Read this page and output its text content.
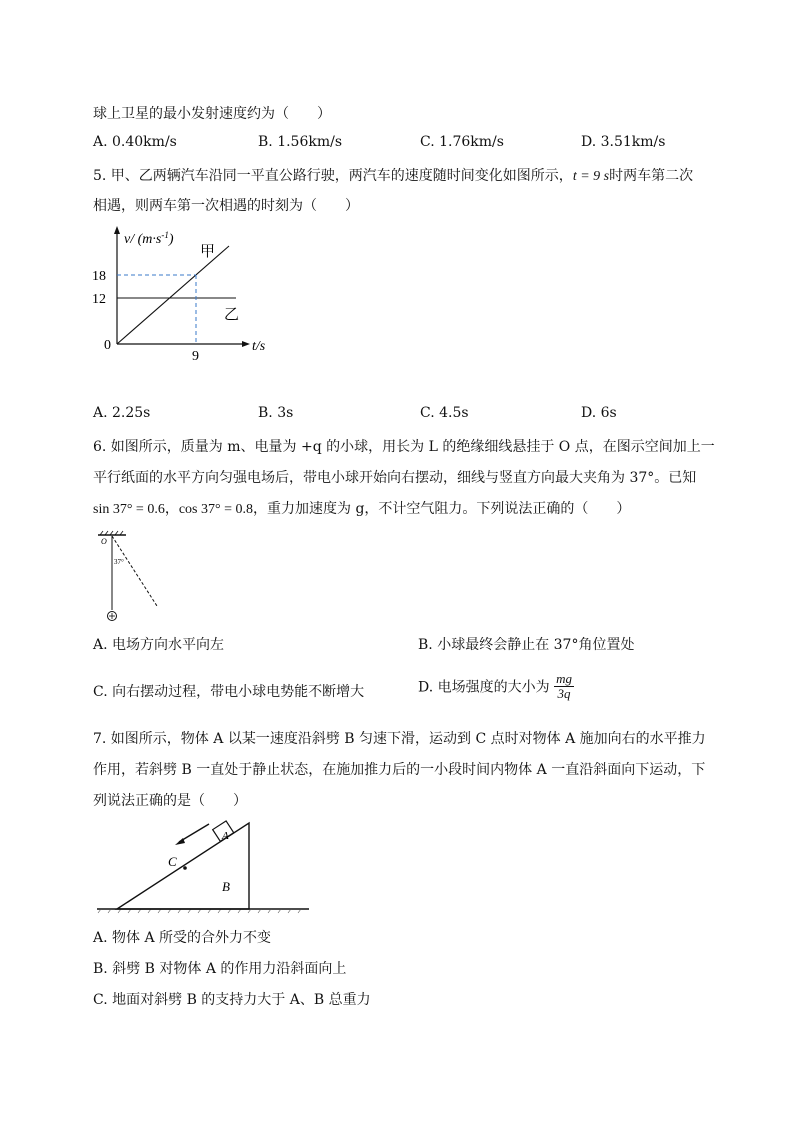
球上卫星的最小发射速度约为（　　）
A. 0.40km/s	B. 1.56km/s	C. 1.76km/s	D. 3.51km/s
5. 甲、乙两辆汽车沿同一平直公路行驶，两汽车的速度随时间变化如图所示，t = 9 s时两车第二次
相遇，则两车第一次相遇的时刻为（　　）
v/ $(m\cdot s^{-1})$
甲
乙
18
12
0
9
t/s
A. 2.25s	B. 3s	C. 4.5s	D. 6s
6. 如图所示，质量为 m、电量为 +q 的小球，用长为 L 的绝缘细线悬挂于 O 点，在图示空间加上一
平行纸面的水平方向匀强电场后，带电小球开始向右摆动，细线与竖直方向最大夹角为 37°。已知
sin 37° = 0.6，cos 37° = 0.8，重力加速度为 g，不计空气阻力。下列说法正确的（　　）
O
37°
A. 电场方向水平向左	B. 小球最终会静止在 37°角位置处
C. 向右摆动过程，带电小球电势能不断增大	D. 电场强度的大小为 $\frac{mg}{3q}$
7. 如图所示，物体 A 以某一速度沿斜劈 B 匀速下滑，运动到 C 点时对物体 A 施加向右的水平推力
作用，若斜劈 B 一直处于静止状态，在施加推力后的一小段时间内物体 A 一直沿斜面向下运动，下
列说法正确的是（　　）
A
C
B
A. 物体 A 所受的合外力不变
B. 斜劈 B 对物体 A 的作用力沿斜面向上
C. 地面对斜劈 B 的支持力大于 A、B 总重力
